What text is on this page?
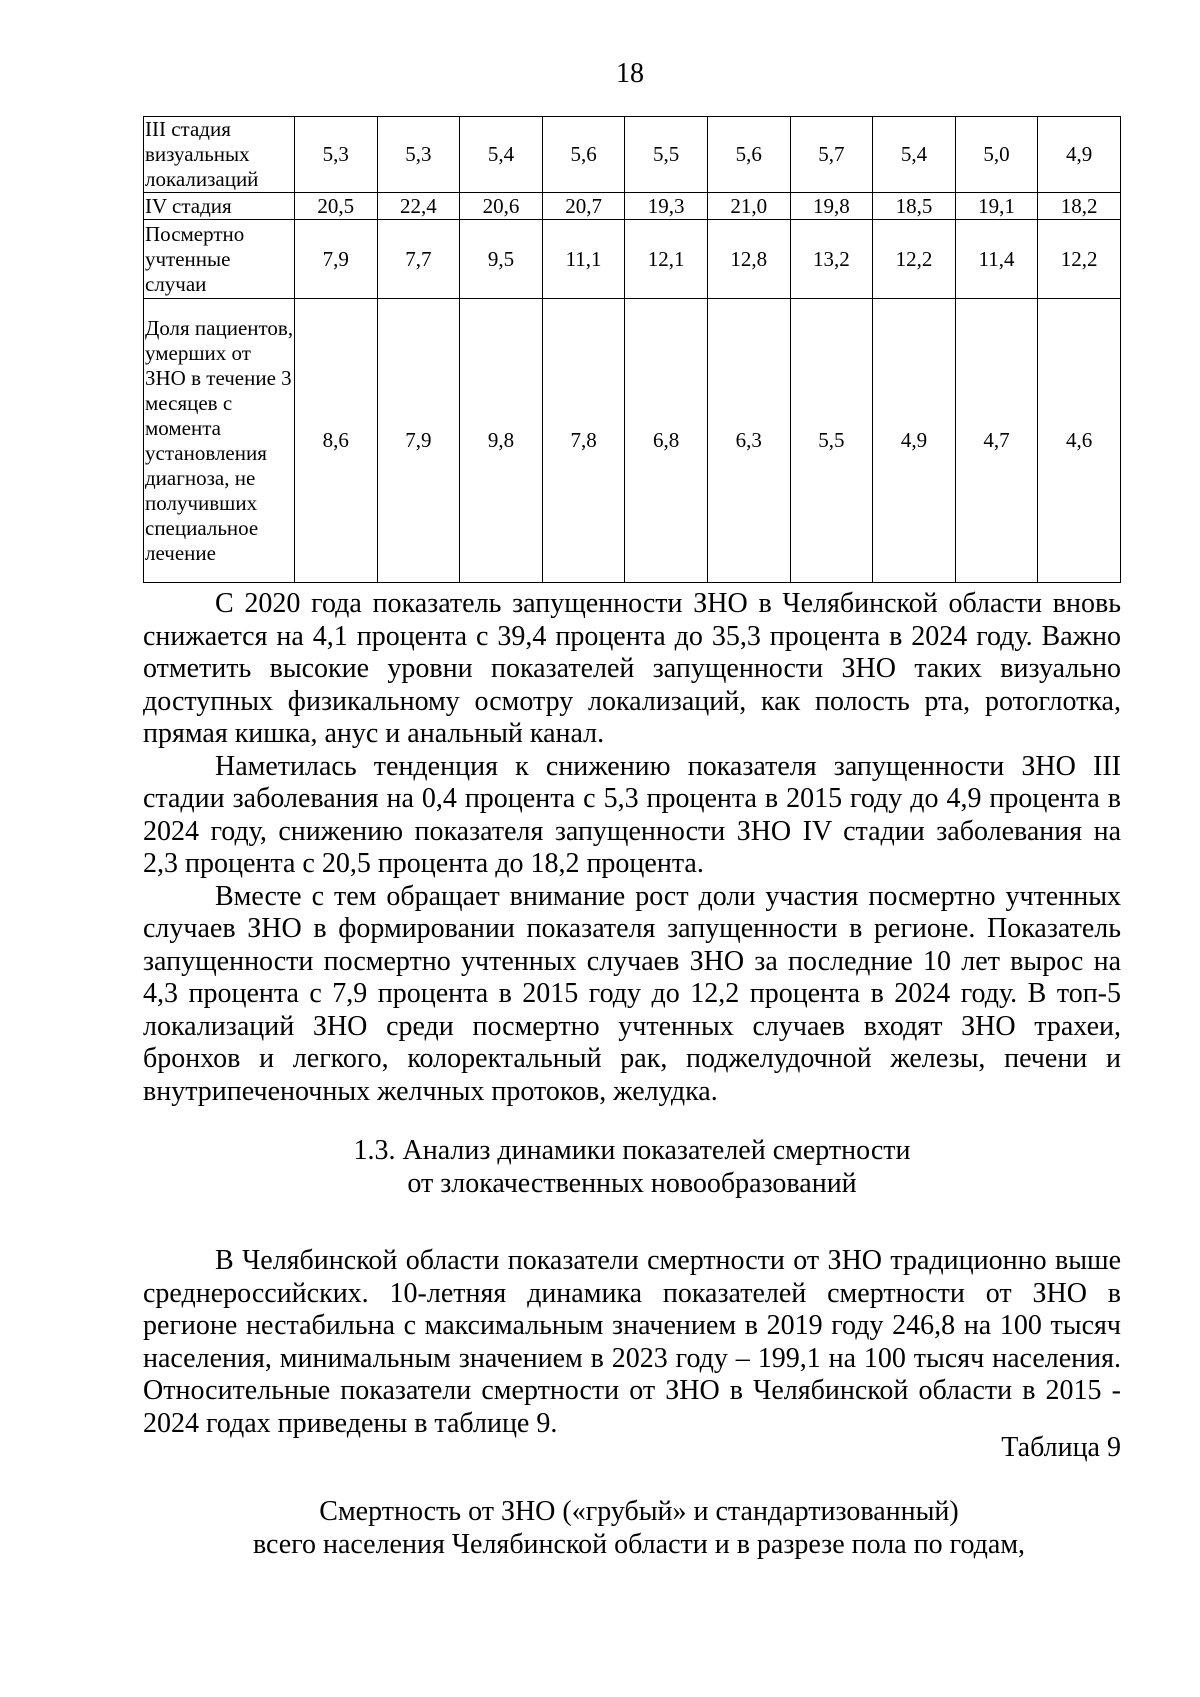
18
III стадия визуальных локализаций	5,3	5,3	5,4	5,6	5,5	5,6	5,7	5,4	5,0	4,9
IV стадия	20,5	22,4	20,6	20,7	19,3	21,0	19,8	18,5	19,1	18,2
Посмертно учтенные случаи	7,9	7,7	9,5	11,1	12,1	12,8	13,2	12,2	11,4	12,2
Доля пациентов, умерших от ЗНО в течение 3 месяцев с момента установления диагноза, не получивших специальное лечение	8,6	7,9	9,8	7,8	6,8	6,3	5,5	4,9	4,7	4,6

С 2020 года показатель запущенности ЗНО в Челябинской области вновь снижается на 4,1 процента с 39,4 процента до 35,3 процента в 2024 году. Важно отметить высокие уровни показателей запущенности ЗНО таких визуально доступных физикальному осмотру локализаций, как полость рта, ротоглотка, прямая кишка, анус и анальный канал.

Наметилась тенденция к снижению показателя запущенности ЗНО III стадии заболевания на 0,4 процента с 5,3 процента в 2015 году до 4,9 процента в 2024 году, снижению показателя запущенности ЗНО IV стадии заболевания на 2,3 процента с 20,5 процента до 18,2 процента.

Вместе с тем обращает внимание рост доли участия посмертно учтенных случаев ЗНО в формировании показателя запущенности в регионе. Показатель запущенности посмертно учтенных случаев ЗНО за последние 10 лет вырос на 4,3 процента с 7,9 процента в 2015 году до 12,2 процента в 2024 году. В топ-5 локализаций ЗНО среди посмертно учтенных случаев входят ЗНО трахеи, бронхов и легкого, колоректальный рак, поджелудочной железы, печени и внутрипеченочных желчных протоков, желудка.

1.3. Анализ динамики показателей смертности
от злокачественных новообразований

В Челябинской области показатели смертности от ЗНО традиционно выше среднероссийских. 10-летняя динамика показателей смертности от ЗНО в регионе нестабильна с максимальным значением в 2019 году 246,8 на 100 тысяч населения, минимальным значением в 2023 году – 199,1 на 100 тысяч населения. Относительные показатели смертности от ЗНО в Челябинской области в 2015 - 2024 годах приведены в таблице 9.

Таблица 9
Смертность от ЗНО («грубый» и стандартизованный)
всего населения Челябинской области и в разрезе пола по годам,
